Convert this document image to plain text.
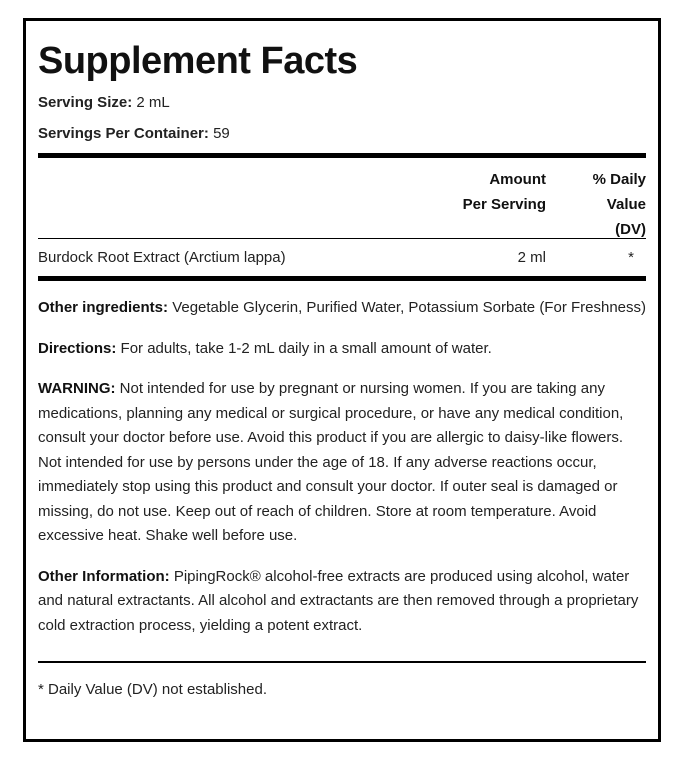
Supplement Facts
Serving Size: 2 mL
Servings Per Container: 59
Amount
Per Serving
% Daily
Value
(DV)
Burdock Root Extract (Arctium lappa)	2 ml	*

Other ingredients: Vegetable Glycerin, Purified Water, Potassium Sorbate (For Freshness)

Directions: For adults, take 1-2 mL daily in a small amount of water.

WARNING: Not intended for use by pregnant or nursing women. If you are taking any medications, planning any medical or surgical procedure, or have any medical condition, consult your doctor before use. Avoid this product if you are allergic to daisy-like flowers. Not intended for use by persons under the age of 18. If any adverse reactions occur, immediately stop using this product and consult your doctor. If outer seal is damaged or missing, do not use. Keep out of reach of children. Store at room temperature. Avoid excessive heat. Shake well before use.

Other Information: PipingRock® alcohol-free extracts are produced using alcohol, water and natural extractants. All alcohol and extractants are then removed through a proprietary cold extraction process, yielding a potent extract.

* Daily Value (DV) not established.
